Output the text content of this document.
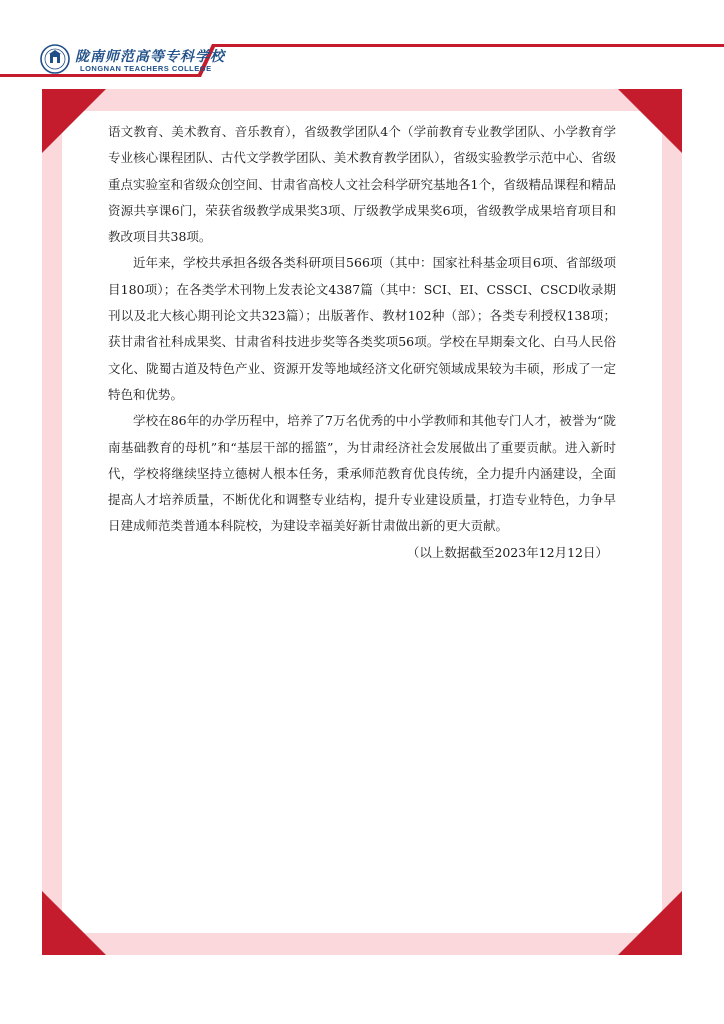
陇南师范高等专科学校
LONGNAN TEACHERS COLLEGE

语文教育、美术教育、音乐教育），省级教学团队4个（学前教育专业教学团队、小学教育学专业核心课程团队、古代文学教学团队、美术教育教学团队），省级实验教学示范中心、省级重点实验室和省级众创空间、甘肃省高校人文社会科学研究基地各1个，省级精品课程和精品资源共享课6门，荣获省级教学成果奖3项、厅级教学成果奖6项，省级教学成果培育项目和教改项目共38项。

近年来，学校共承担各级各类科研项目566项（其中：国家社科基金项目6项、省部级项目180项）；在各类学术刊物上发表论文4387篇（其中：SCI、EI、CSSCI、CSCD收录期刊以及北大核心期刊论文共323篇）；出版著作、教材102种（部）；各类专利授权138项；获甘肃省社科成果奖、甘肃省科技进步奖等各类奖项56项。学校在早期秦文化、白马人民俗文化、陇蜀古道及特色产业、资源开发等地域经济文化研究领域成果较为丰硕，形成了一定特色和优势。

学校在86年的办学历程中，培养了7万名优秀的中小学教师和其他专门人才，被誉为“陇南基础教育的母机”和“基层干部的摇篮”，为甘肃经济社会发展做出了重要贡献。进入新时代，学校将继续坚持立德树人根本任务，秉承师范教育优良传统，全力提升内涵建设，全面提高人才培养质量，不断优化和调整专业结构，提升专业建设质量，打造专业特色，力争早日建成师范类普通本科院校，为建设幸福美好新甘肃做出新的更大贡献。

（以上数据截至2023年12月12日）
